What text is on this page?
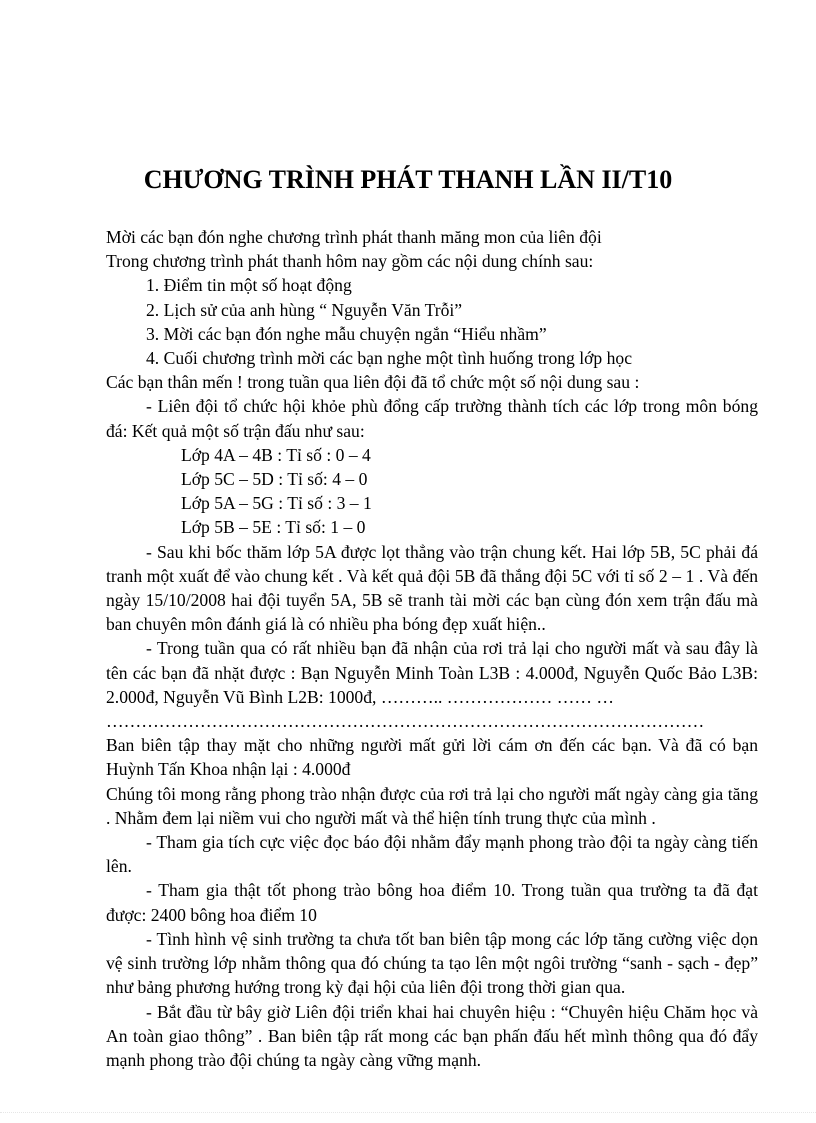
CHƯƠNG TRÌNH PHÁT THANH LẦN II/T10

Mời các bạn đón nghe chương trình phát thanh măng mon của liên đội

Trong chương trình phát thanh hôm nay gồm các nội dung chính sau:

1. Điểm tin một số hoạt động

2. Lịch sử của anh hùng “ Nguyễn Văn Trỗi”

3. Mời các bạn đón nghe mẫu chuyện ngắn “Hiểu nhầm”

4. Cuối chương trình mời các bạn nghe một tình huống trong lớp học

Các bạn thân mến ! trong tuần qua liên đội đã tổ chức một số nội dung sau :

- Liên đội tổ chức hội khỏe phù đổng cấp trường thành tích các lớp trong môn bóng đá: Kết quả một số trận đấu như sau:

Lớp 4A – 4B : Tỉ số : 0 – 4

Lớp 5C – 5D : Tỉ số: 4 – 0

Lớp 5A – 5G : Tỉ số : 3 – 1

Lớp 5B – 5E : Tỉ số: 1 – 0

- Sau khi bốc thăm lớp 5A được lọt thẳng vào trận chung kết. Hai lớp 5B, 5C phải đá tranh một xuất để vào chung kết . Và kết quả đội 5B đã thắng đội 5C với tỉ số 2 – 1 . Và đến ngày 15/10/2008 hai đội tuyển 5A, 5B sẽ tranh tài mời các bạn cùng đón xem trận đấu mà ban chuyên môn đánh giá là có nhiều pha bóng đẹp xuất hiện..

- Trong tuần qua có rất nhiều bạn đã nhận của rơi trả lại cho người mất và sau đây là tên các bạn đã nhặt được : Bạn Nguyễn Minh Toàn L3B : 4.000đ, Nguyễn Quốc Bảo L3B: 2.000đ, Nguyễn Vũ Bình L2B: 1000đ, ……….. ……………… …… …

…………………………………………………………………………………………

Ban biên tập thay mặt cho những người mất gửi lời cám ơn đến các bạn. Và đã có bạn Huỳnh Tấn Khoa nhận lại : 4.000đ

Chúng tôi mong rằng phong trào nhận được của rơi trả lại cho người mất ngày càng gia tăng . Nhằm đem lại niềm vui cho người mất và thể hiện tính trung thực của mình .

- Tham gia tích cực việc đọc báo đội nhằm đẩy mạnh phong trào đội ta ngày càng tiến lên.

- Tham gia thật tốt phong trào bông hoa điểm 10. Trong tuần qua trường ta đã đạt được: 2400 bông hoa điểm 10

- Tình hình vệ sinh trường ta chưa tốt ban biên tập mong các lớp tăng cường việc dọn vệ sinh trường lớp nhằm thông qua đó chúng ta tạo lên một ngôi trường “sanh - sạch - đẹp” như bảng phương hướng trong kỳ đại hội của liên đội trong thời gian qua.

- Bắt đầu từ bây giờ Liên đội triển khai hai chuyên hiệu : “Chuyên hiệu Chăm học và An toàn giao thông” . Ban biên tập rất mong các bạn phấn đấu hết mình thông qua đó đẩy mạnh phong trào đội chúng ta ngày càng vững mạnh.
